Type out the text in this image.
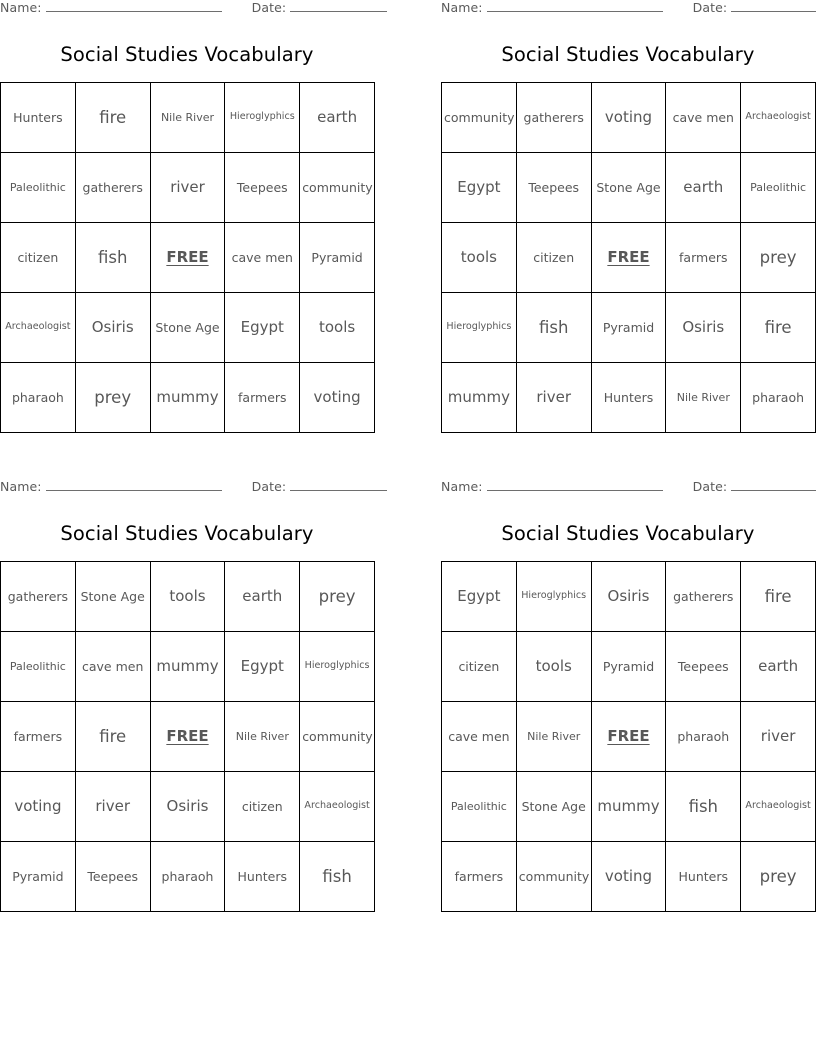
Name:	Date:
Social Studies Vocabulary
Hunters	fire	Nile River	Hieroglyphics	earth
Paleolithic	gatherers	river	Teepees	community
citizen	fish	FREE	cave men	Pyramid
Archaeologist	Osiris	Stone Age	Egypt	tools
pharaoh	prey	mummy	farmers	voting
Name:	Date:
Social Studies Vocabulary
community	gatherers	voting	cave men	Archaeologist
Egypt	Teepees	Stone Age	earth	Paleolithic
tools	citizen	FREE	farmers	prey
Hieroglyphics	fish	Pyramid	Osiris	fire
mummy	river	Hunters	Nile River	pharaoh
Name:	Date:
Social Studies Vocabulary
gatherers	Stone Age	tools	earth	prey
Paleolithic	cave men	mummy	Egypt	Hieroglyphics
farmers	fire	FREE	Nile River	community
voting	river	Osiris	citizen	Archaeologist
Pyramid	Teepees	pharaoh	Hunters	fish
Name:	Date:
Social Studies Vocabulary
Egypt	Hieroglyphics	Osiris	gatherers	fire
citizen	tools	Pyramid	Teepees	earth
cave men	Nile River	FREE	pharaoh	river
Paleolithic	Stone Age	mummy	fish	Archaeologist
farmers	community	voting	Hunters	prey
